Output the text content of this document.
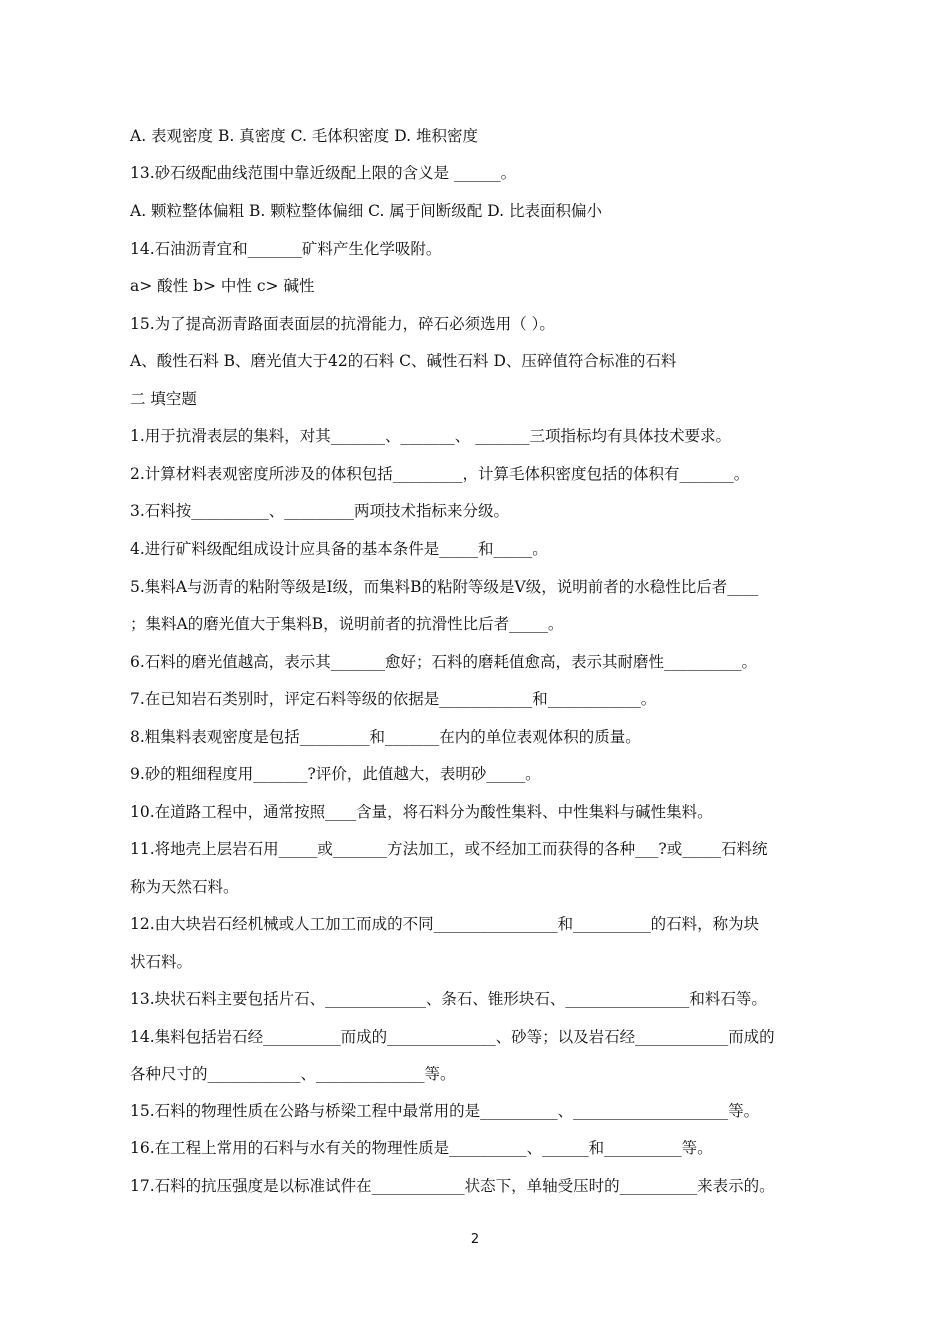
A. 表观密度 B. 真密度 C. 毛体积密度 D. 堆积密度
13.砂石级配曲线范围中靠近级配上限的含义是 ______。
A. 颗粒整体偏粗 B. 颗粒整体偏细 C. 属于间断级配 D. 比表面积偏小
14.石油沥青宜和_______矿料产生化学吸附。
a> 酸性 b> 中性 c> 碱性
15.为了提高沥青路面表面层的抗滑能力，碎石必须选用（ ）。
A、酸性石料 B、磨光值大于42的石料 C、碱性石料 D、压碎值符合标准的石料
二 填空题
1.用于抗滑表层的集料，对其_______、_______、 _______三项指标均有具体技术要求。
2.计算材料表观密度所涉及的体积包括_________，计算毛体积密度包括的体积有_______。
3.石料按__________、_________两项技术指标来分级。
4.进行矿料级配组成设计应具备的基本条件是_____和_____。
5.集料A与沥青的粘附等级是Ⅰ级，而集料B的粘附等级是Ⅴ级，说明前者的水稳性比后者____
；集料A的磨光值大于集料B，说明前者的抗滑性比后者_____。
6.石料的磨光值越高，表示其_______愈好；石料的磨耗值愈高，表示其耐磨性__________。
7.在已知岩石类别时，评定石料等级的依据是____________和____________。
8.粗集料表观密度是包括_________和_______在内的单位表观体积的质量。
9.砂的粗细程度用_______?评价，此值越大，表明砂_____。
10.在道路工程中，通常按照____含量，将石料分为酸性集料、中性集料与碱性集料。
11.将地壳上层岩石用_____或_______方法加工，或不经加工而获得的各种___?或_____石料统
称为天然石料。
12.由大块岩石经机械或人工加工而成的不同________________和__________的石料，称为块
状石料。
13.块状石料主要包括片石、_____________、条石、锥形块石、________________和料石等。
14.集料包括岩石经__________而成的______________、砂等；以及岩石经____________而成的
各种尺寸的____________、______________等。
15.石料的物理性质在公路与桥梁工程中最常用的是__________、____________________等。
16.在工程上常用的石料与水有关的物理性质是__________、______和__________等。
17.石料的抗压强度是以标准试件在____________状态下，单轴受压时的__________来表示的。
2
